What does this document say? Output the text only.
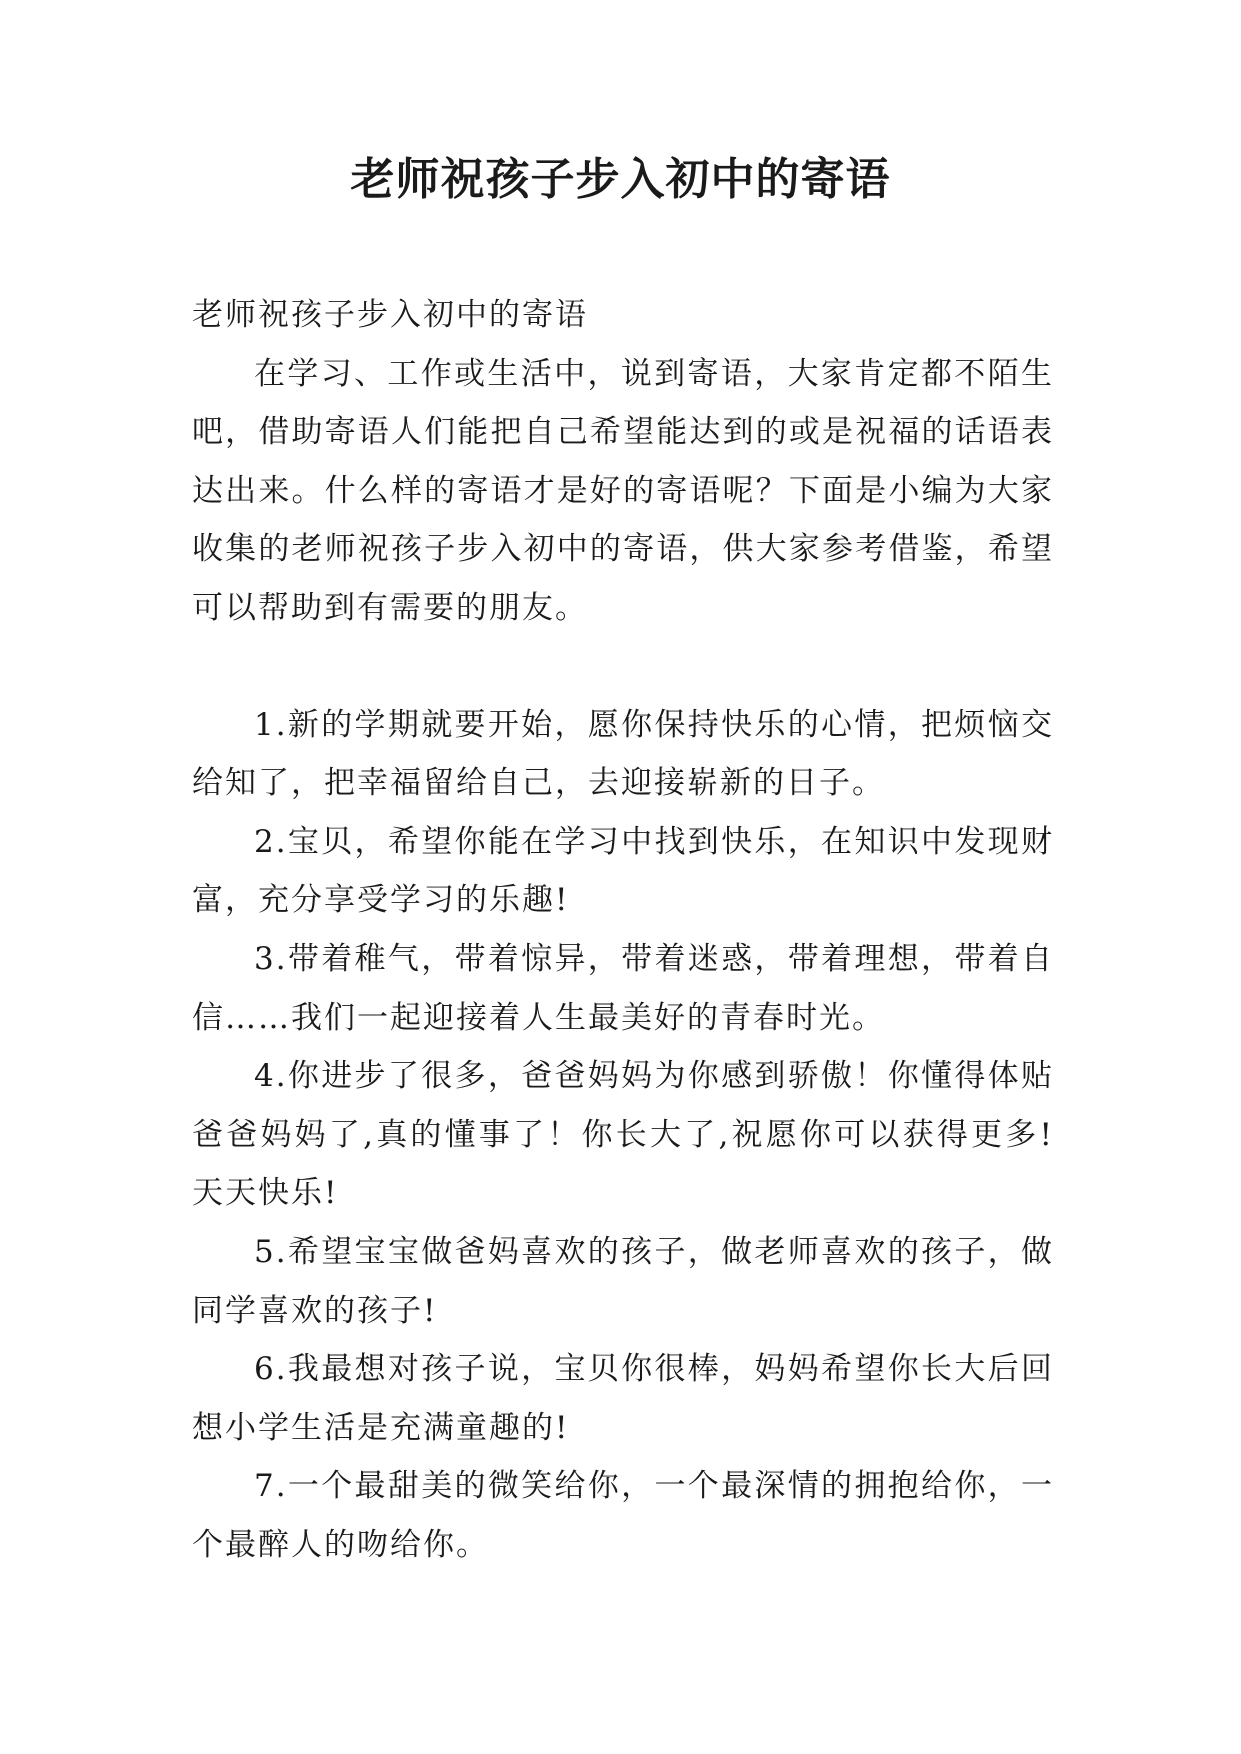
老师祝孩子步入初中的寄语

老师祝孩子步入初中的寄语

在学习、工作或生活中，说到寄语，大家肯定都不陌生吧，借助寄语人们能把自己希望能达到的或是祝福的话语表达出来。什么样的寄语才是好的寄语呢？下面是小编为大家收集的老师祝孩子步入初中的寄语，供大家参考借鉴，希望可以帮助到有需要的朋友。

1.新的学期就要开始，愿你保持快乐的心情，把烦恼交给知了，把幸福留给自己，去迎接崭新的日子。

2.宝贝，希望你能在学习中找到快乐，在知识中发现财富，充分享受学习的乐趣!

3.带着稚气，带着惊异，带着迷惑，带着理想，带着自信……我们一起迎接着人生最美好的青春时光。

4.你进步了很多，爸爸妈妈为你感到骄傲！你懂得体贴爸爸妈妈了,真的懂事了！你长大了,祝愿你可以获得更多!天天快乐!

5.希望宝宝做爸妈喜欢的孩子，做老师喜欢的孩子，做同学喜欢的孩子!

6.我最想对孩子说，宝贝你很棒，妈妈希望你长大后回想小学生活是充满童趣的!

7.一个最甜美的微笑给你，一个最深情的拥抱给你，一个最醉人的吻给你。
